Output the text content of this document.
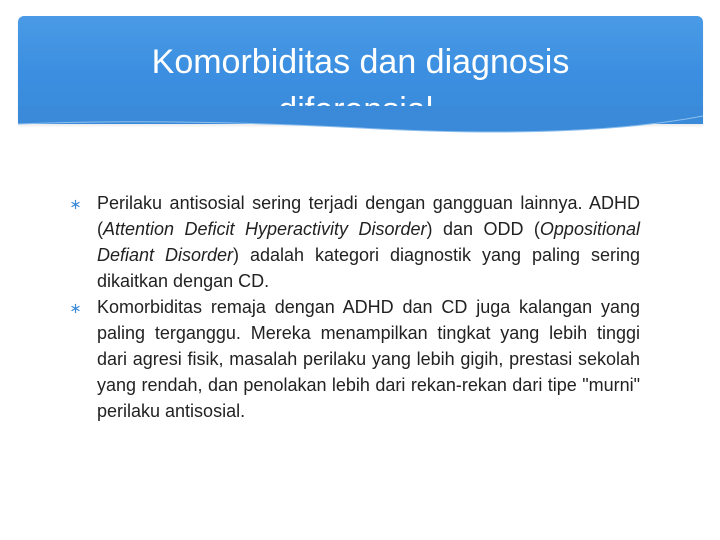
Komorbiditas dan diagnosis
Perilaku antisosial sering terjadi dengan gangguan lainnya. ADHD (Attention Deficit Hyperactivity Disorder) dan ODD (Oppositional Defiant Disorder) adalah kategori diagnostik yang paling sering dikaitkan dengan CD.
Komorbiditas remaja dengan ADHD dan CD juga kalangan yang paling terganggu. Mereka menampilkan tingkat yang lebih tinggi dari agresi fisik, masalah perilaku yang lebih gigih, prestasi sekolah yang rendah, dan penolakan lebih dari rekan-rekan dari tipe "murni" perilaku antisosial.
